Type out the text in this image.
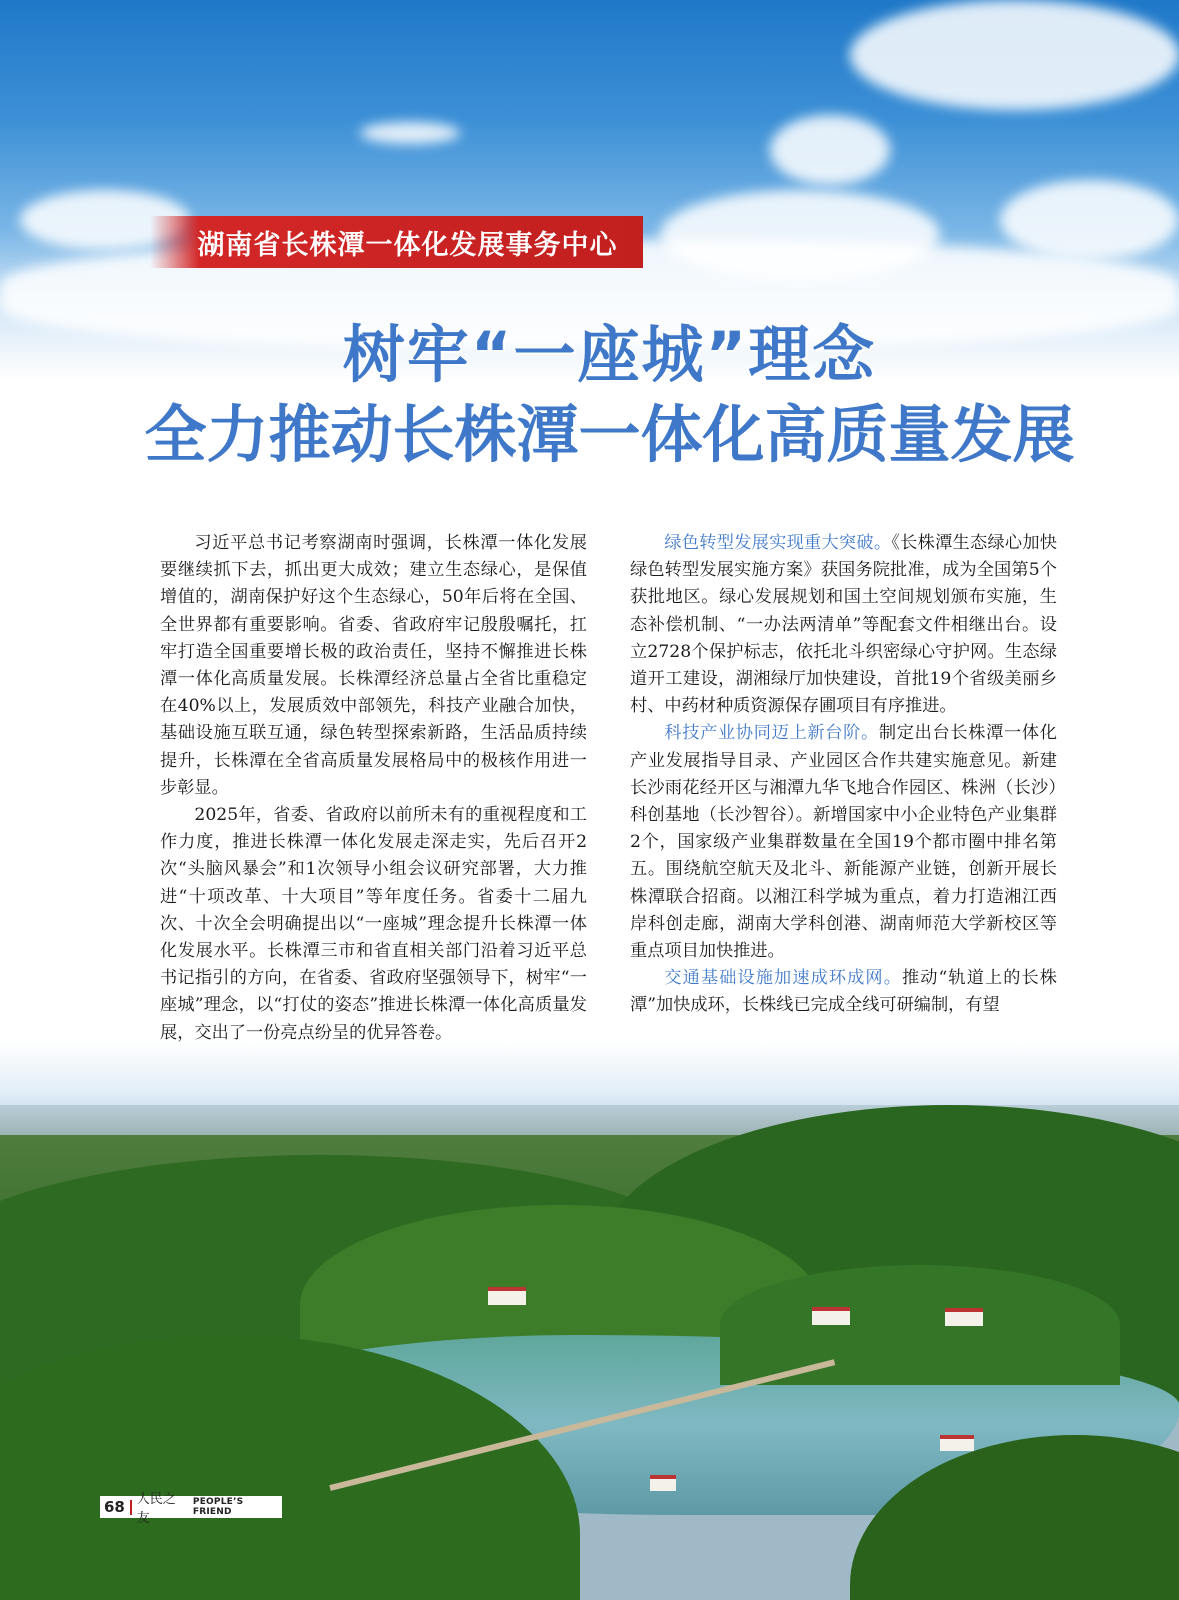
湖南省长株潭一体化发展事务中心
树牢“一座城”理念
全力推动长株潭一体化高质量发展

习近平总书记考察湖南时强调，长株潭一体化发展要继续抓下去，抓出更大成效；建立生态绿心，是保值增值的，湖南保护好这个生态绿心，50年后将在全国、全世界都有重要影响。省委、省政府牢记殷殷嘱托，扛牢打造全国重要增长极的政治责任，坚持不懈推进长株潭一体化高质量发展。长株潭经济总量占全省比重稳定在40%以上，发展质效中部领先，科技产业融合加快，基础设施互联互通，绿色转型探索新路，生活品质持续提升，长株潭在全省高质量发展格局中的极核作用进一步彰显。

2025年，省委、省政府以前所未有的重视程度和工作力度，推进长株潭一体化发展走深走实，先后召开2次“头脑风暴会”和1次领导小组会议研究部署，大力推进“十项改革、十大项目”等年度任务。省委十二届九次、十次全会明确提出以“一座城”理念提升长株潭一体化发展水平。长株潭三市和省直相关部门沿着习近平总书记指引的方向，在省委、省政府坚强领导下，树牢“一座城”理念，以“打仗的姿态”推进长株潭一体化高质量发展，交出了一份亮点纷呈的优异答卷。

绿色转型发展实现重大突破。《长株潭生态绿心加快绿色转型发展实施方案》获国务院批准，成为全国第5个获批地区。绿心发展规划和国土空间规划颁布实施，生态补偿机制、“一办法两清单”等配套文件相继出台。设立2728个保护标志，依托北斗织密绿心守护网。生态绿道开工建设，湖湘绿厅加快建设，首批19个省级美丽乡村、中药材种质资源保存圃项目有序推进。

科技产业协同迈上新台阶。制定出台长株潭一体化产业发展指导目录、产业园区合作共建实施意见。新建长沙雨花经开区与湘潭九华飞地合作园区、株洲（长沙）科创基地（长沙智谷）。新增国家中小企业特色产业集群2个，国家级产业集群数量在全国19个都市圈中排名第五。围绕航空航天及北斗、新能源产业链，创新开展长株潭联合招商。以湘江科学城为重点，着力打造湘江西岸科创走廊，湖南大学科创港、湖南师范大学新校区等重点项目加快推进。

交通基础设施加速成环成网。推动“轨道上的长株潭”加快成环，长株线已完成全线可研编制，有望

68 人民之友
PEOPLE’S FRIEND
